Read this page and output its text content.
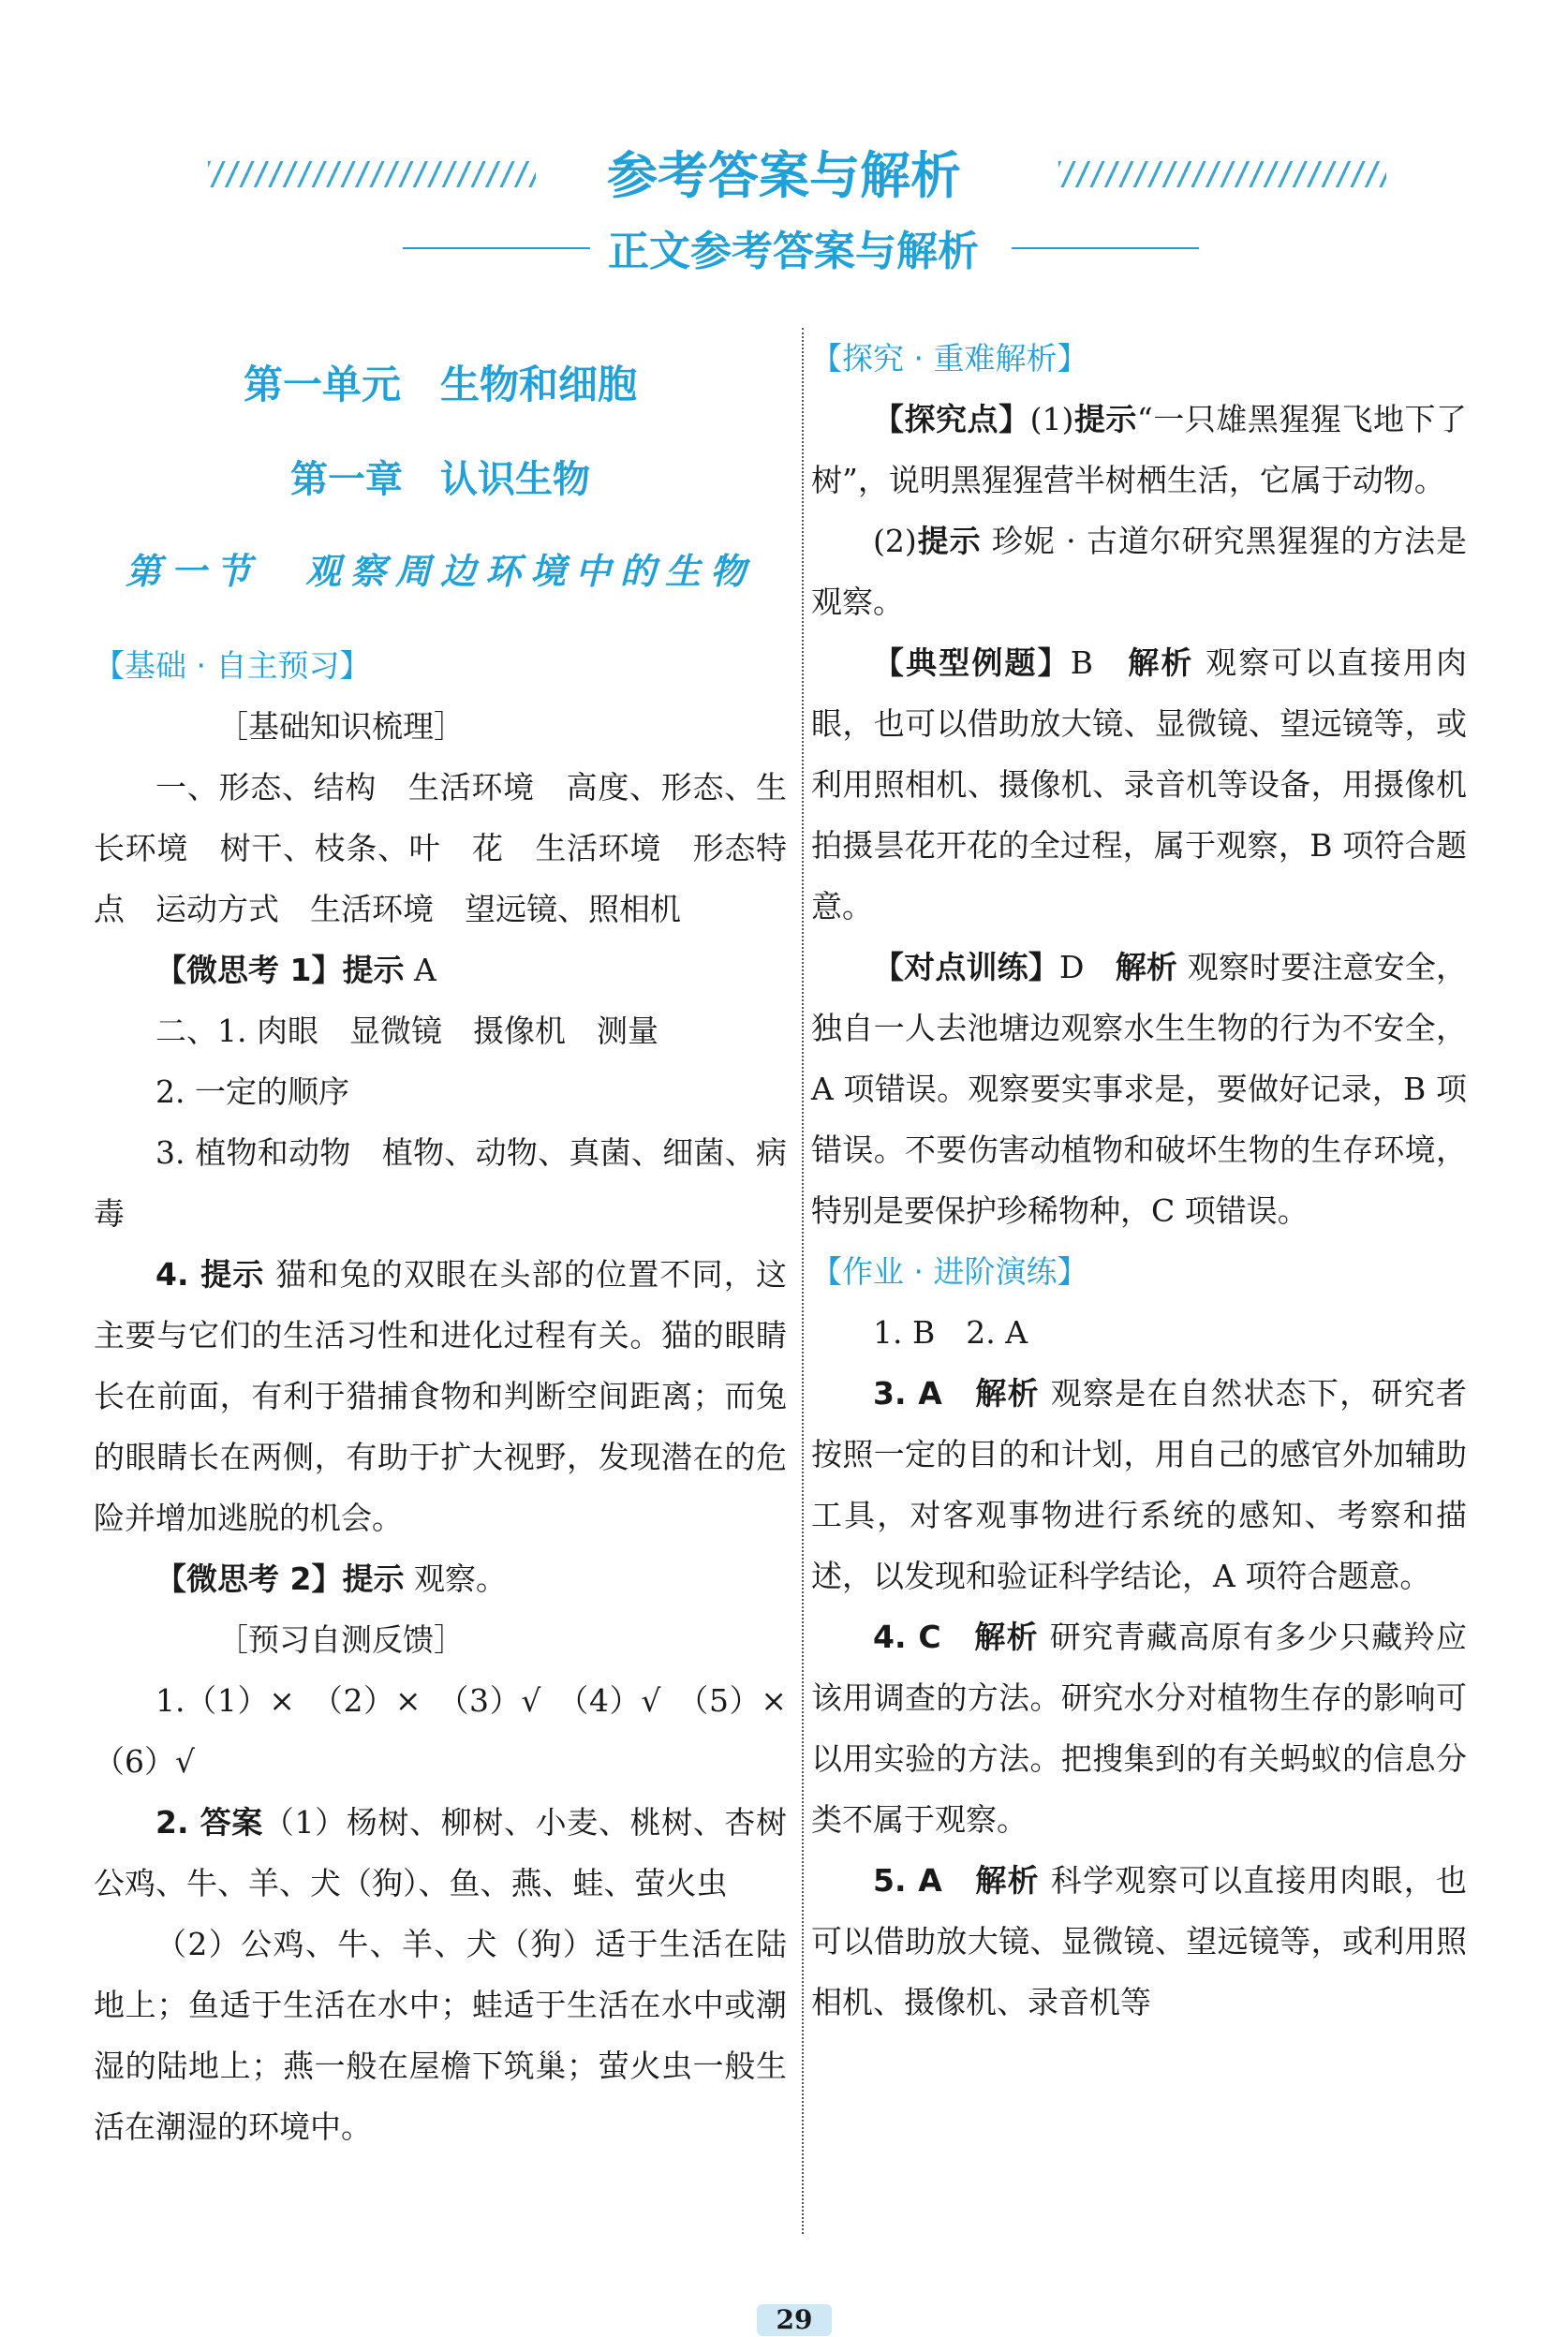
参考答案与解析
正文参考答案与解析
第一单元　生物和细胞
第一章　认识生物
第一节　观察周边环境中的生物
【基础 · 自主预习】

［基础知识梳理］

一、形态、结构　生活环境　高度、形态、生长环境　树干、枝条、叶　花　生活环境　形态特点　运动方式　生活环境　望远镜、照相机

【微思考 1】提示 A

二、1. 肉眼　显微镜　摄像机　测量

2. 一定的顺序

3. 植物和动物　植物、动物、真菌、细菌、病毒

4. 提示 猫和兔的双眼在头部的位置不同，这主要与它们的生活习性和进化过程有关。猫的眼睛长在前面，有利于猎捕食物和判断空间距离；而兔的眼睛长在两侧，有助于扩大视野，发现潜在的危险并增加逃脱的机会。

【微思考 2】提示 观察。

［预习自测反馈］

1.（1）×　（2）×　（3）√　（4）√　（5）×　（6）√

2. 答案（1）杨树、柳树、小麦、桃树、杏树　公鸡、牛、羊、犬（狗）、鱼、燕、蛙、萤火虫

（2）公鸡、牛、羊、犬（狗）适于生活在陆地上；鱼适于生活在水中；蛙适于生活在水中或潮湿的陆地上；燕一般在屋檐下筑巢；萤火虫一般生活在潮湿的环境中。

【探究 · 重难解析】

【探究点】(1)提示“一只雄黑猩猩飞地下了树”，说明黑猩猩营半树栖生活，它属于动物。

(2)提示 珍妮 · 古道尔研究黑猩猩的方法是观察。

【典型例题】B　解析 观察可以直接用肉眼，也可以借助放大镜、显微镜、望远镜等，或利用照相机、摄像机、录音机等设备，用摄像机拍摄昙花开花的全过程，属于观察，B 项符合题意。

【对点训练】D　解析 观察时要注意安全，独自一人去池塘边观察水生生物的行为不安全，A 项错误。观察要实事求是，要做好记录，B 项错误。不要伤害动植物和破坏生物的生存环境，特别是要保护珍稀物种，C 项错误。

【作业 · 进阶演练】

1. B　2. A

3. A　解析 观察是在自然状态下，研究者按照一定的目的和计划，用自己的感官外加辅助工具，对客观事物进行系统的感知、考察和描述，以发现和验证科学结论，A 项符合题意。

4. C　解析 研究青藏高原有多少只藏羚应该用调查的方法。研究水分对植物生存的影响可以用实验的方法。把搜集到的有关蚂蚁的信息分类不属于观察。

5. A　解析 科学观察可以直接用肉眼，也可以借助放大镜、显微镜、望远镜等，或利用照相机、摄像机、录音机等

29
